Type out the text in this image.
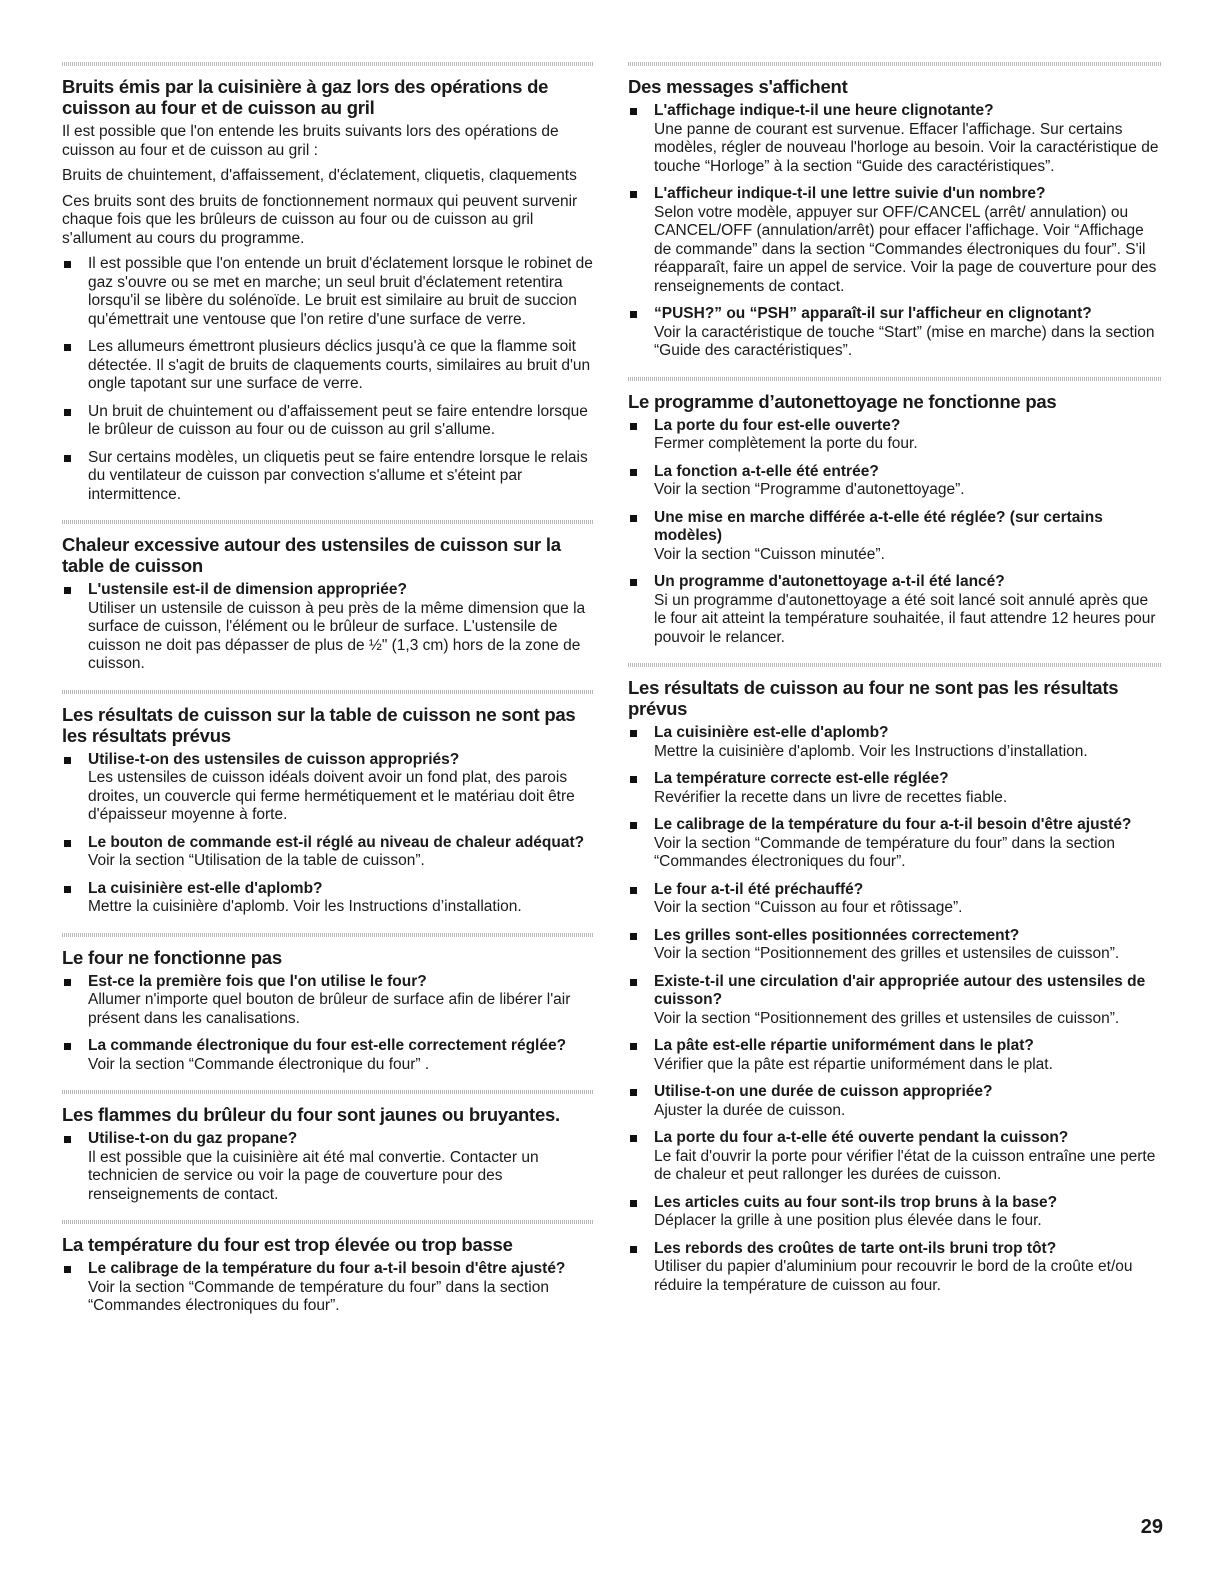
Bruits émis par la cuisinière à gaz lors des opérations de cuisson au four et de cuisson au gril

Il est possible que l'on entende les bruits suivants lors des opérations de cuisson au four et de cuisson au gril :

Bruits de chuintement, d'affaissement, d'éclatement, cliquetis, claquements

Ces bruits sont des bruits de fonctionnement normaux qui peuvent survenir chaque fois que les brûleurs de cuisson au four ou de cuisson au gril s'allument au cours du programme.

Il est possible que l'on entende un bruit d'éclatement lorsque le robinet de gaz s'ouvre ou se met en marche; un seul bruit d'éclatement retentira lorsqu'il se libère du solénoïde. Le bruit est similaire au bruit de succion qu'émettrait une ventouse que l'on retire d'une surface de verre.
Les allumeurs émettront plusieurs déclics jusqu'à ce que la flamme soit détectée. Il s'agit de bruits de claquements courts, similaires au bruit d'un ongle tapotant sur une surface de verre.
Un bruit de chuintement ou d'affaissement peut se faire entendre lorsque le brûleur de cuisson au four ou de cuisson au gril s'allume.
Sur certains modèles, un cliquetis peut se faire entendre lorsque le relais du ventilateur de cuisson par convection s'allume et s'éteint par intermittence.
Chaleur excessive autour des ustensiles de cuisson sur la table de cuisson
L'ustensile est-il de dimension appropriée?
Utiliser un ustensile de cuisson à peu près de la même dimension que la surface de cuisson, l'élément ou le brûleur de surface. L'ustensile de cuisson ne doit pas dépasser de plus de ½" (1,3 cm) hors de la zone de cuisson.
Les résultats de cuisson sur la table de cuisson ne sont pas les résultats prévus
Utilise-t-on des ustensiles de cuisson appropriés?
Les ustensiles de cuisson idéals doivent avoir un fond plat, des parois droites, un couvercle qui ferme hermétiquement et le matériau doit être d'épaisseur moyenne à forte.
Le bouton de commande est-il réglé au niveau de chaleur adéquat?
Voir la section “Utilisation de la table de cuisson”.
La cuisinière est-elle d'aplomb?
Mettre la cuisinière d'aplomb. Voir les Instructions d’installation.
Le four ne fonctionne pas
Est-ce la première fois que l'on utilise le four?
Allumer n'importe quel bouton de brûleur de surface afin de libérer l'air présent dans les canalisations.
La commande électronique du four est-elle correctement réglée?
Voir la section “Commande électronique du four” .
Les flammes du brûleur du four sont jaunes ou bruyantes.
Utilise-t-on du gaz propane?
Il est possible que la cuisinière ait été mal convertie. Contacter un technicien de service ou voir la page de couverture pour des renseignements de contact.
La température du four est trop élevée ou trop basse
Le calibrage de la température du four a-t-il besoin d'être ajusté?
Voir la section “Commande de température du four” dans la section “Commandes électroniques du four”.
Des messages s'affichent
L'affichage indique-t-il une heure clignotante?
Une panne de courant est survenue. Effacer l'affichage. Sur certains modèles, régler de nouveau l'horloge au besoin. Voir la caractéristique de touche “Horloge” à la section “Guide des caractéristiques”.
L'afficheur indique-t-il une lettre suivie d'un nombre?
Selon votre modèle, appuyer sur OFF/CANCEL (arrêt/ annulation) ou CANCEL/OFF (annulation/arrêt) pour effacer l'affichage. Voir “Affichage de commande” dans la section “Commandes électroniques du four”. S'il réapparaît, faire un appel de service. Voir la page de couverture pour des renseignements de contact.
“PUSH?” ou “PSH” apparaît-il sur l'afficheur en clignotant?
Voir la caractéristique de touche “Start” (mise en marche) dans la section “Guide des caractéristiques”.
Le programme d’autonettoyage ne fonctionne pas
La porte du four est-elle ouverte?
Fermer complètement la porte du four.
La fonction a-t-elle été entrée?
Voir la section “Programme d'autonettoyage”.
Une mise en marche différée a-t-elle été réglée? (sur certains modèles)
Voir la section “Cuisson minutée”.
Un programme d'autonettoyage a-t-il été lancé?
Si un programme d'autonettoyage a été soit lancé soit annulé après que le four ait atteint la température souhaitée, il faut attendre 12 heures pour pouvoir le relancer.
Les résultats de cuisson au four ne sont pas les résultats prévus
La cuisinière est-elle d'aplomb?
Mettre la cuisinière d'aplomb. Voir les Instructions d’installation.
La température correcte est-elle réglée?
Revérifier la recette dans un livre de recettes fiable.
Le calibrage de la température du four a-t-il besoin d'être ajusté?
Voir la section “Commande de température du four” dans la section “Commandes électroniques du four”.
Le four a-t-il été préchauffé?
Voir la section “Cuisson au four et rôtissage”.
Les grilles sont-elles positionnées correctement?
Voir la section “Positionnement des grilles et ustensiles de cuisson”.
Existe-t-il une circulation d'air appropriée autour des ustensiles de cuisson?
Voir la section “Positionnement des grilles et ustensiles de cuisson”.
La pâte est-elle répartie uniformément dans le plat?
Vérifier que la pâte est répartie uniformément dans le plat.
Utilise-t-on une durée de cuisson appropriée?
Ajuster la durée de cuisson.
La porte du four a-t-elle été ouverte pendant la cuisson?
Le fait d'ouvrir la porte pour vérifier l'état de la cuisson entraîne une perte de chaleur et peut rallonger les durées de cuisson.
Les articles cuits au four sont-ils trop bruns à la base?
Déplacer la grille à une position plus élevée dans le four.
Les rebords des croûtes de tarte ont-ils bruni trop tôt?
Utiliser du papier d'aluminium pour recouvrir le bord de la croûte et/ou réduire la température de cuisson au four.
29
